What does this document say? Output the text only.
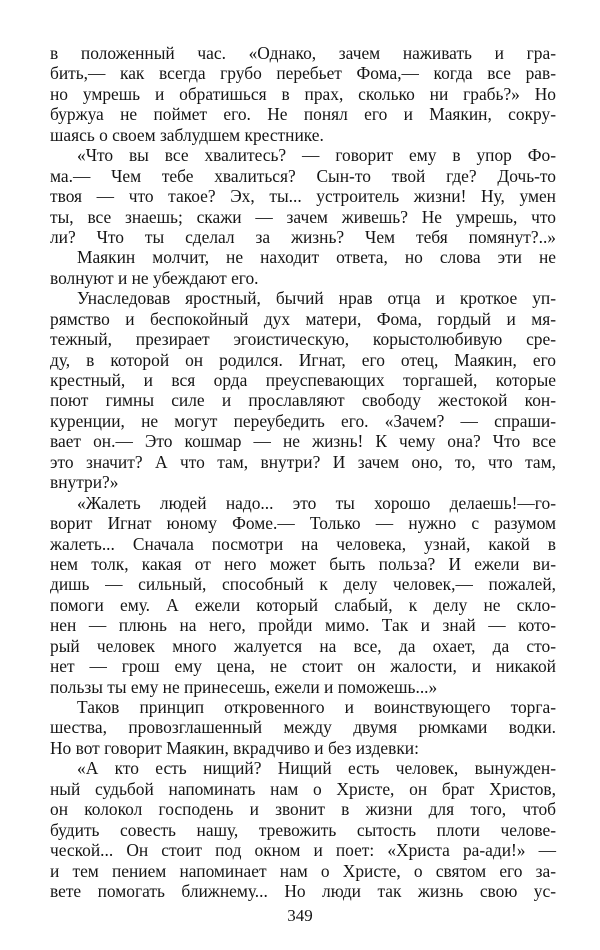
в положенный час. «Однако, зачем наживать и гра-
бить,— как всегда грубо перебьет Фома,— когда все рав-
но умрешь и обратишься в прах, сколько ни грабь?» Но
буржуа не поймет его. Не понял его и Маякин, сокру-
шаясь о своем заблудшем крестнике.
«Что вы все хвалитесь? — говорит ему в упор Фо-
ма.— Чем тебе хвалиться? Сын-то твой где? Дочь-то
твоя — что такое? Эх, ты... устроитель жизни! Ну, умен
ты, все знаешь; скажи — зачем живешь? Не умрешь, что
ли? Что ты сделал за жизнь? Чем тебя помянут?..»
Маякин молчит, не находит ответа, но слова эти не
волнуют и не убеждают его.
Унаследовав яростный, бычий нрав отца и кроткое уп-
рямство и беспокойный дух матери, Фома, гордый и мя-
тежный, презирает эгоистическую, корыстолюбивую сре-
ду, в которой он родился. Игнат, его отец, Маякин, его
крестный, и вся орда преуспевающих торгашей, которые
поют гимны силе и прославляют свободу жестокой кон-
куренции, не могут переубедить его. «Зачем? — спраши-
вает он.— Это кошмар — не жизнь! К чему она? Что все
это значит? А что там, внутри? И зачем оно, то, что там,
внутри?»
«Жалеть людей надо... это ты хорошо делаешь!—го-
ворит Игнат юному Фоме.— Только — нужно с разумом
жалеть... Сначала посмотри на человека, узнай, какой в
нем толк, какая от него может быть польза? И ежели ви-
дишь — сильный, способный к делу человек,— пожалей,
помоги ему. А ежели который слабый, к делу не скло-
нен — плюнь на него, пройди мимо. Так и знай — кото-
рый человек много жалуется на все, да охает, да сто-
нет — грош ему цена, не стоит он жалости, и никакой
пользы ты ему не принесешь, ежели и поможешь...»
Таков принцип откровенного и воинствующего торга-
шества, провозглашенный между двумя рюмками водки.
Но вот говорит Маякин, вкрадчиво и без издевки:
«А кто есть нищий? Нищий есть человек, вынужден-
ный судьбой напоминать нам о Христе, он брат Христов,
он колокол господень и звонит в жизни для того, чтоб
будить совесть нашу, тревожить сытость плоти челове-
ческой... Он стоит под окном и поет: «Христа ра-ади!» —
и тем пением напоминает нам о Христе, о святом его за-
вете помогать ближнему... Но люди так жизнь свою ус-
349
